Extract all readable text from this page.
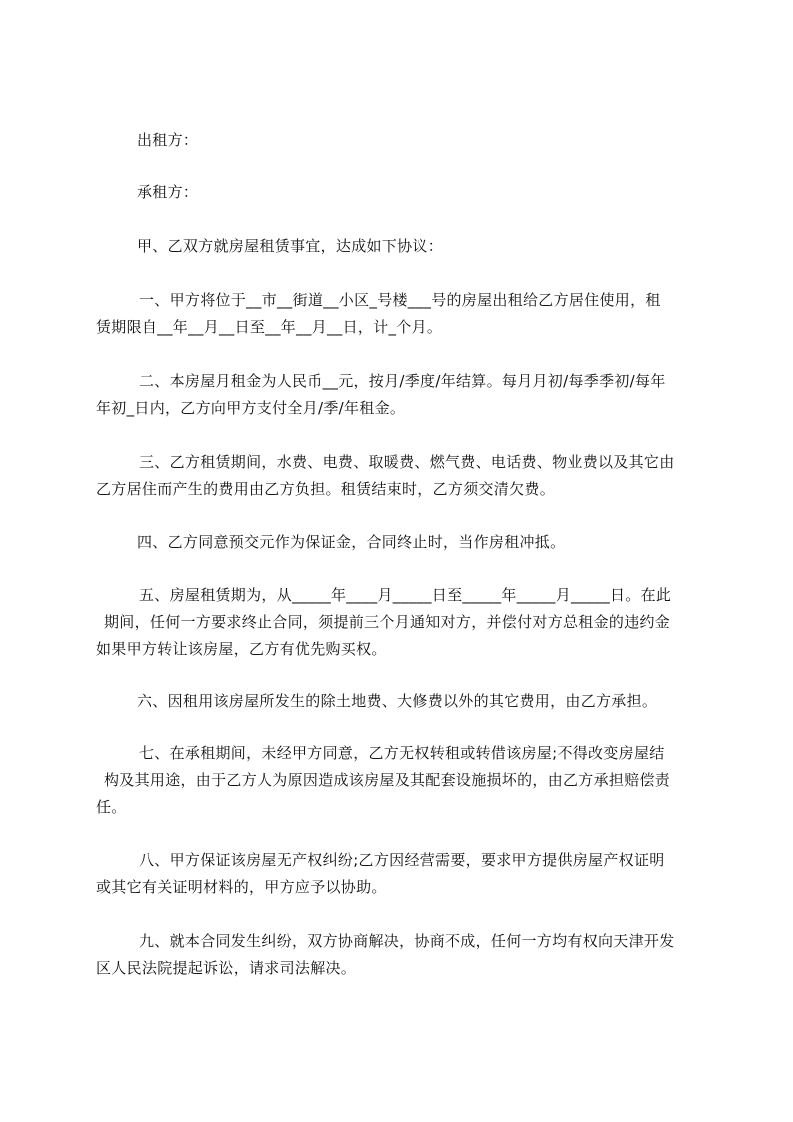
出租方：

承租方：

甲、乙双方就房屋租赁事宜，达成如下协议：

一、甲方将位于__市__街道__小区_号楼___号的房屋出租给乙方居住使用，租
赁期限自__年__月__日至__年__月__日，计_个月。

二、本房屋月租金为人民币__元，按月/季度/年结算。每月月初/每季季初/每年
年初_日内，乙方向甲方支付全月/季/年租金。

三、乙方租赁期间，水费、电费、取暖费、燃气费、电话费、物业费以及其它由
乙方居住而产生的费用由乙方负担。租赁结束时，乙方须交清欠费。

四、乙方同意预交元作为保证金，合同终止时，当作房租冲抵。

五、房屋租赁期为，从_____年____月_____日至_____年_____月_____日。在此
期间，任何一方要求终止合同，须提前三个月通知对方，并偿付对方总租金的违约金
如果甲方转让该房屋，乙方有优先购买权。

六、因租用该房屋所发生的除土地费、大修费以外的其它费用，由乙方承担。

七、在承租期间，未经甲方同意，乙方无权转租或转借该房屋;不得改变房屋结
构及其用途，由于乙方人为原因造成该房屋及其配套设施损坏的，由乙方承担赔偿责
任。

八、甲方保证该房屋无产权纠纷;乙方因经营需要，要求甲方提供房屋产权证明
或其它有关证明材料的，甲方应予以协助。

九、就本合同发生纠纷，双方协商解决，协商不成，任何一方均有权向天津开发
区人民法院提起诉讼，请求司法解决。
